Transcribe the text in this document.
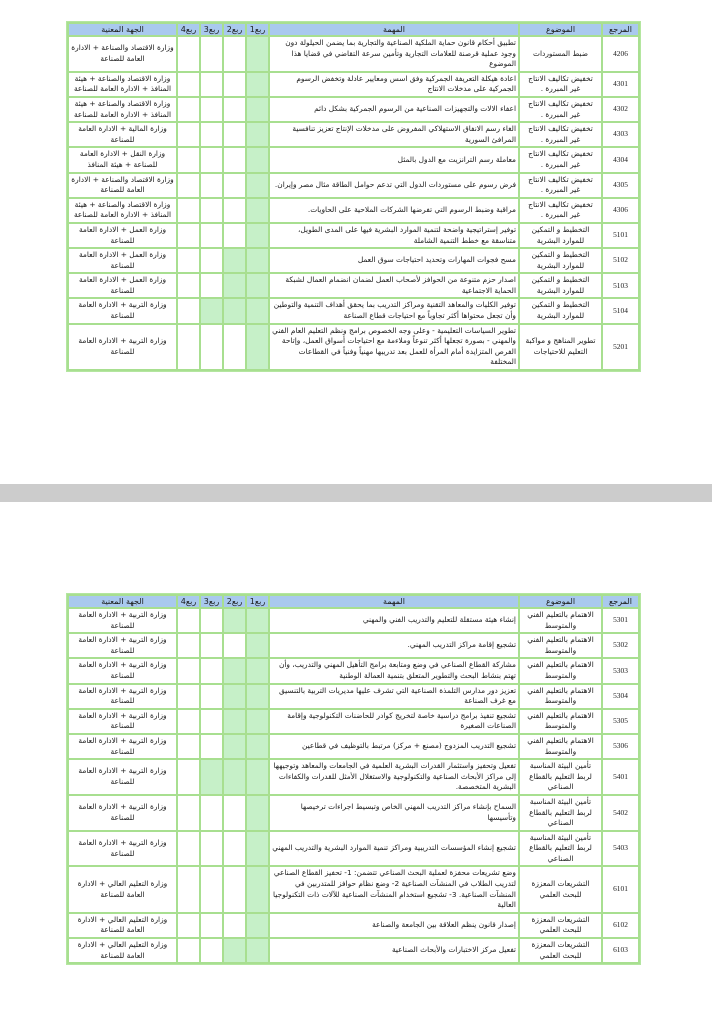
المرجع	الموضوع	المهمة	ربع1	ربع2	ربع3	ربع4	الجهة المعنية
4206	ضبط المستوردات	تطبيق أحكام قانون حماية الملكية الصناعية والتجارية بما يضمن الحيلولة دون وجود عملية قرصنة للعلامات التجارية وتأمين سرعة التقاضي في قضايا هذا الموضوع					وزارة الاقتصاد والصناعة + الادارة العامة للصناعة
4301	تخفيض تكاليف الانتاج غير المبررة .	اعادة هيكلة التعريفة الجمركية وفق اسس ومعايير عادلة وتخفض الرسوم الجمركية على مدخلات الانتاج					وزارة الاقتصاد والصناعة + هيئة المنافذ + الادارة العامة للصناعة
4302	تخفيض تكاليف الانتاج غير المبررة .	اعفاء الالات والتجهيزات الصناعية من الرسوم الجمركية بشكل دائم					وزارة الاقتصاد والصناعة + هيئة المنافذ + الادارة العامة للصناعة
4303	تخفيض تكاليف الانتاج غير المبررة .	الغاء رسم الانفاق الاستهلاكي المفروض على مدخلات الإنتاج تعزيز تنافسية المرافئ السورية					وزارة المالية + الادارة العامة للصناعة
4304	تخفيض تكاليف الانتاج غير المبررة .	معاملة رسم الترانزيت مع الدول بالمثل					وزارة النقل + الادارة العامة للصناعة + هيئة المنافذ
4305	تخفيض تكاليف الانتاج غير المبررة .	فرض رسوم على مستوردات الدول التي تدعم حوامل الطاقة مثال مصر وإيران.					وزارة الاقتصاد والصناعة + الادارة العامة للصناعة
4306	تخفيض تكاليف الانتاج غير المبررة .	مراقبة وضبط الرسوم التي تفرضها الشركات الملاحية على الحاويات.					وزارة الاقتصاد والصناعة + هيئة المنافذ + الادارة العامة للصناعة
5101	التخطيط و التمكين للموارد البشرية	توفير إستراتيجية واضحة لتنمية الموارد البشرية فيها على المدى الطويل، متناسقة مع خطط التنمية الشاملة					وزارة العمل + الادارة العامة للصناعة
5102	التخطيط و التمكين للموارد البشرية	مسح فجوات المهارات وتحديد احتياجات سوق العمل					وزارة العمل + الادارة العامة للصناعة
5103	التخطيط و التمكين للموارد البشرية	اصدار حزم متنوعة من الحوافز لأصحاب العمل لضمان انضمام العمال لشبكة الحماية الاجتماعية					وزارة العمل + الادارة العامة للصناعة
5104	التخطيط و التمكين للموارد البشرية	توفير الكليات والمعاهد التقنية ومراكز التدريب بما يحقق أهداف التنمية والتوطين وأن تجعل محتواها أكثر تجاوباً مع احتياجات قطاع الصناعة					وزارة التربية + الادارة العامة للصناعة
5201	تطوير المناهج و مواكبة التعليم للاحتياجات	تطوير السياسات التعليمية - وعلى وجه الخصوص برامج ونظم التعليم العام الفني والمهني - بصورة تجعلها أكثر تنوعاً وملاءمة مع احتياجات أسواق العمل، وإتاحة الفرص المتزايدة أمام المرأة للعمل بعد تدريبها مهنياً وفنياً في القطاعات المختلفة					وزارة التربية + الادارة العامة للصناعة
المرجع	الموضوع	المهمة	ربع1	ربع2	ربع3	ربع4	الجهة المعنية
5301	الاهتمام بالتعليم الفني والمتوسط	إنشاء هيئة مستقلة للتعليم والتدريب الفني والمهني					وزارة التربية + الادارة العامة للصناعة
5302	الاهتمام بالتعليم الفني والمتوسط	تشجيع إقامة مراكز التدريب المهني.					وزارة التربية + الادارة العامة للصناعة
5303	الاهتمام بالتعليم الفني والمتوسط	مشاركة القطاع الصناعي في وضع ومتابعة برامج التأهيل المهني والتدريب، وأن تهتم بنشاط البحث والتطوير المتعلق بتنمية العمالة الوطنية					وزارة التربية + الادارة العامة للصناعة
5304	الاهتمام بالتعليم الفني والمتوسط	تعزيز دور مدارس التلمذة الصناعية التي تشرف عليها مديريات التربية بالتنسيق مع غرف الصناعة					وزارة التربية + الادارة العامة للصناعة
5305	الاهتمام بالتعليم الفني والمتوسط	تشجيع تنفيذ برامج دراسية خاصة لتخريج كوادر للحاضنات التكنولوجية وإقامة الصناعات الصغيرة					وزارة التربية + الادارة العامة للصناعة
5306	الاهتمام بالتعليم الفني والمتوسط	تشجيع التدريب المزدوج (مصنع + مركز) مرتبط بالتوظيف في قطاعين					وزارة التربية + الادارة العامة للصناعة
5401	تأمين البيئة المناسبة لربط التعليم بالقطاع الصناعي	تفعيل وتحفيز واستثمار القدرات البشرية العلمية في الجامعات والمعاهد وتوجيهها إلى مراكز الأبحاث الصناعية والتكنولوجية والاستغلال الأمثل للقدرات والكفاءات البشرية المتخصصة.					وزارة التربية + الادارة العامة للصناعة
5402	تأمين البيئة المناسبة لربط التعليم بالقطاع الصناعي	السماح بإنشاء مراكز التدريب المهني الخاص وتبسيط اجراءات ترخيصها وتأسيسها					وزارة التربية + الادارة العامة للصناعة
5403	تأمين البيئة المناسبة لربط التعليم بالقطاع الصناعي	تشجيع إنشاء المؤسسات التدريبية ومراكز تنمية الموارد البشرية والتدريب المهني					وزارة التربية + الادارة العامة للصناعة
6101	التشريعات المعززة للبحث العلمي	وضع تشريعات محفزة لعملية البحث الصناعي تتضمن: 1- تحفيز القطاع الصناعي لتدريب الطلاب في المنشآت الصناعية 2- وضع نظام حوافز للمتدربين في المنشآت الصناعية. 3- تشجيع استخدام المنشآت الصناعية للآلات ذات التكنولوجيا العالية					وزارة التعليم العالي + الادارة العامة للصناعة
6102	التشريعات المعززة للبحث العلمي	إصدار قانون ينظم العلاقة بين الجامعة والصناعة					وزارة التعليم العالي + الادارة العامة للصناعة
6103	التشريعات المعززة للبحث العلمي	تفعيل مركز الاختبارات والأبحاث الصناعية					وزارة التعليم العالي + الادارة العامة للصناعة
